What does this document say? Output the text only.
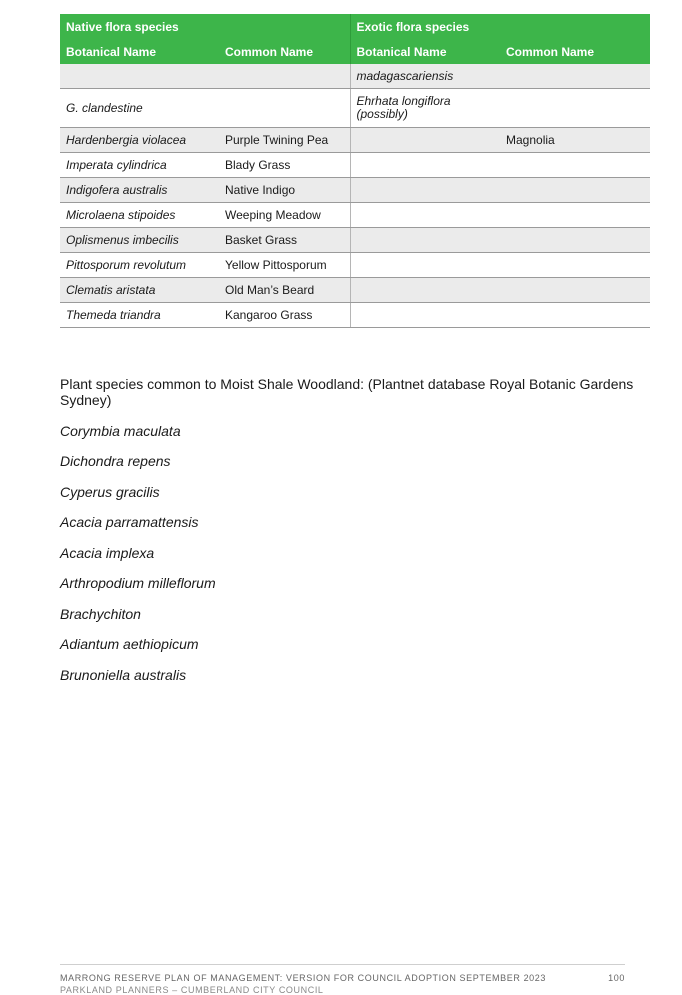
Native flora species		Exotic flora species	
Botanical Name	Common Name	Botanical Name	Common Name
		madagascariensis	
G. clandestine		Ehrhata longiflora (possibly)	
Hardenbergia violacea	Purple Twining Pea		Magnolia
Imperata cylindrica	Blady Grass		
Indigofera australis	Native Indigo		
Microlaena stipoides	Weeping Meadow		
Oplismenus imbecilis	Basket Grass		
Pittosporum revolutum	Yellow Pittosporum		
Clematis aristata	Old Man’s Beard		
Themeda triandra	Kangaroo Grass		
Plant species common to Moist Shale Woodland: (Plantnet database Royal Botanic Gardens Sydney)
Corymbia maculata
Dichondra repens
Cyperus gracilis
Acacia parramattensis
Acacia implexa
Arthropodium milleflorum
Brachychiton
Adiantum aethiopicum
Brunoniella australis
MARRONG RESERVE PLAN OF MANAGEMENT: VERSION FOR COUNCIL ADOPTION SEPTEMBER 2023	100
PARKLAND PLANNERS – CUMBERLAND CITY COUNCIL
